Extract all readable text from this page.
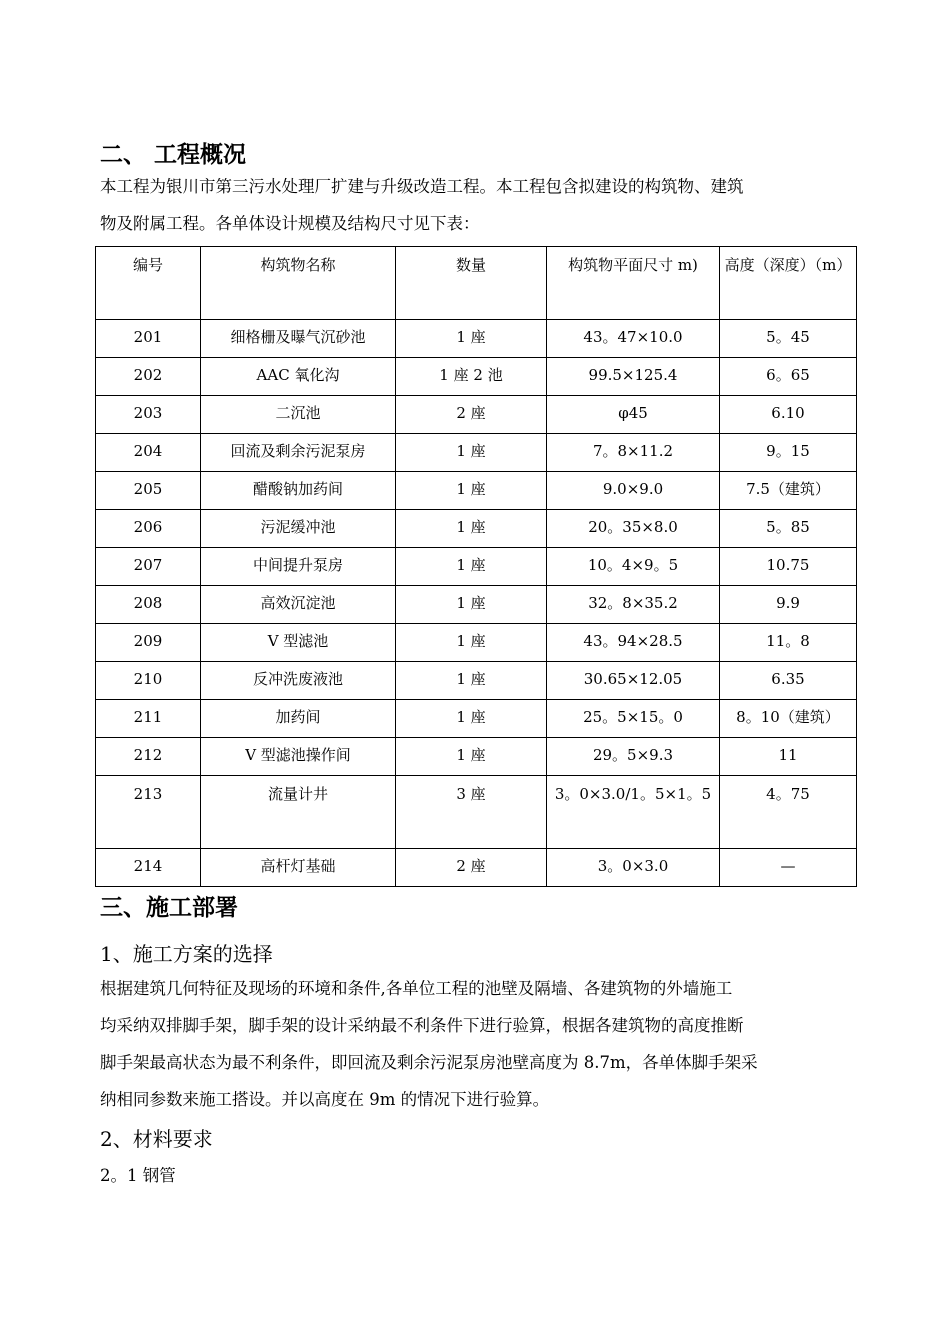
二、 工程概况

本工程为银川市第三污水处理厂扩建与升级改造工程。本工程包含拟建设的构筑物、建筑

物及附属工程。各单体设计规模及结构尺寸见下表：

编号	构筑物名称	数量	构筑物平面尺寸 m)	高度（深度）（m）
201	细格栅及曝气沉砂池	1 座	43。47×10.0	5。45
202	AAC 氧化沟	1 座 2 池	99.5×125.4	6。65
203	二沉池	2 座	φ45	6.10
204	回流及剩余污泥泵房	1 座	7。8×11.2	9。15
205	醋酸钠加药间	1 座	9.0×9.0	7.5（建筑）
206	污泥缓冲池	1 座	20。35×8.0	5。85
207	中间提升泵房	1 座	10。4×9。5	10.75
208	高效沉淀池	1 座	32。8×35.2	9.9
209	V 型滤池	1 座	43。94×28.5	11。8
210	反冲洗废液池	1 座	30.65×12.05	6.35
211	加药间	1 座	25。5×15。0	8。10（建筑）
212	V 型滤池操作间	1 座	29。5×9.3	11
213	流量计井	3 座	3。0×3.0/1。5×1。5	4。75
214	高杆灯基础	2 座	3。0×3.0	—
三、施工部署
1、施工方案的选择

根据建筑几何特征及现场的环境和条件,各单位工程的池壁及隔墙、各建筑物的外墙施工

均采纳双排脚手架，脚手架的设计采纳最不利条件下进行验算，根据各建筑物的高度推断

脚手架最高状态为最不利条件，即回流及剩余污泥泵房池壁高度为 8.7m，各单体脚手架采

纳相同参数来施工搭设。并以高度在 9m 的情况下进行验算。

2、材料要求
2。1 钢管
